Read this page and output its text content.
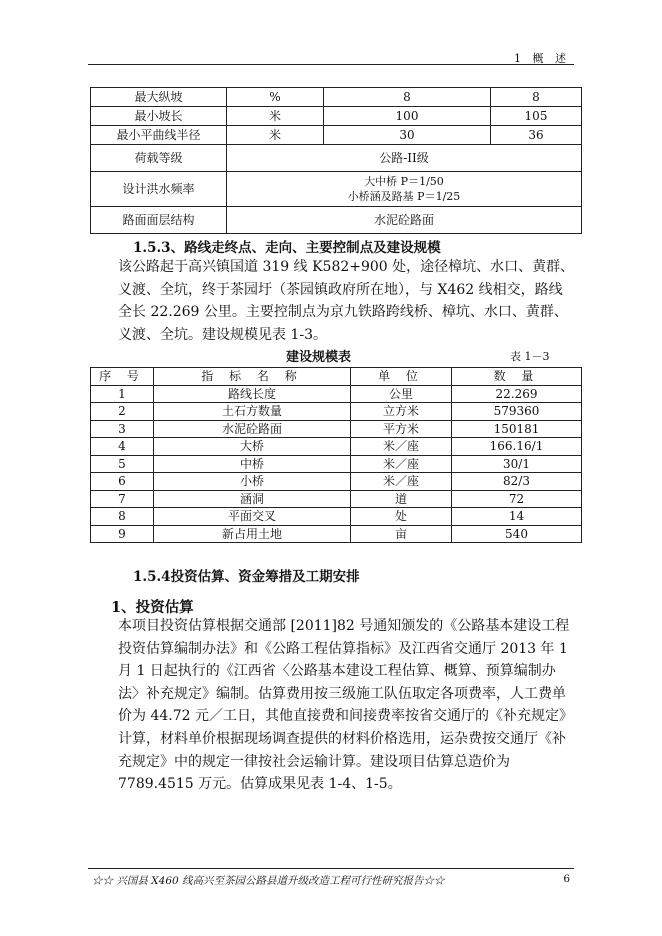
1 概 述
最大纵坡	%	8	8
最小坡长	米	100	105
最小平曲线半径	米	30	36
荷载等级	公路-II级		
设计洪水频率	大中桥 P＝1/50
小桥涵及路基 P＝1/25		

路面面层结构	水泥砼路面		
1.5.3、路线走终点、走向、主要控制点及建设规模
该公路起于高兴镇国道 319 线 K582+900 处，途径樟坑、水口、黄群、义渡、全坑，终于茶园圩（茶园镇政府所在地），与 X462 线相交，路线全长 22.269 公里。主要控制点为京九铁路跨线桥、樟坑、水口、黄群、义渡、全坑。建设规模见表 1-3。
建设规模表	表 1－3
序 号	指 标 名 称	单 位	数 量
1	路线长度	公里	22.269
2	土石方数量	立方米	579360
3	水泥砼路面	平方米	150181
4	大桥	米／座	166.16/1
5	中桥	米／座	30/1
6	小桥	米／座	82/3
7	涵洞	道	72
8	平面交叉	处	14
9	新占用土地	亩	540
1.5.4投资估算、资金筹措及工期安排
1、投资估算
本项目投资估算根据交通部 [2011]82 号通知颁发的《公路基本建设工程投资估算编制办法》和《公路工程估算指标》及江西省交通厅 2013 年 1 月 1 日起执行的《江西省〈公路基本建设工程估算、概算、预算编制办法〉补充规定》编制。估算费用按三级施工队伍取定各项费率，人工费单价为 44.72 元／工日，其他直接费和间接费率按省交通厅的《补充规定》计算，材料单价根据现场调查提供的材料价格选用，运杂费按交通厅《补充规定》中的规定一律按社会运输计算。建设项目估算总造价为 7789.4515 万元。估算成果见表 1-4、1-5。
☆☆ 兴国县 X460 线高兴至茶园公路县道升级改造工程可行性研究报告☆☆	6
